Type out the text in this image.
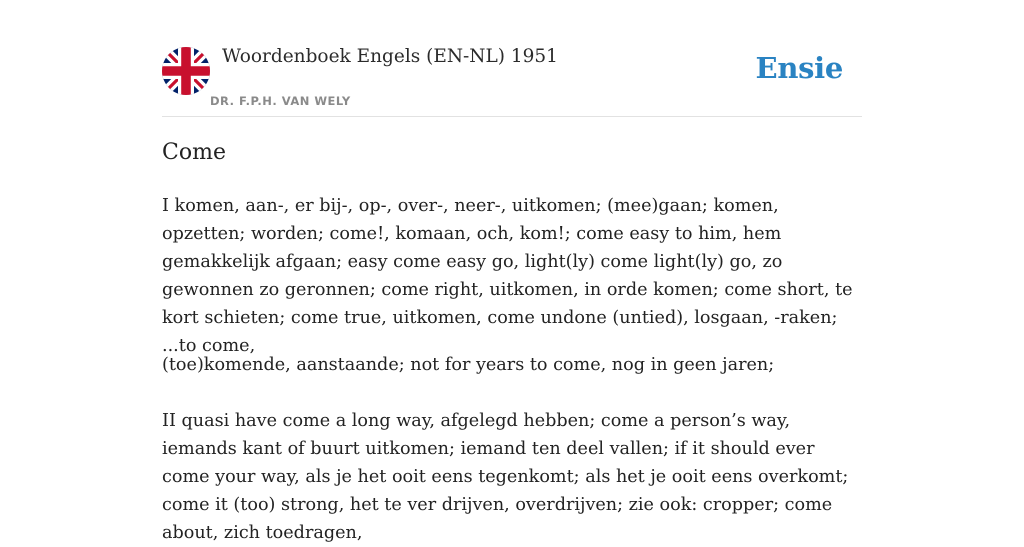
Woordenboek Engels (EN-NL) 1951
DR. F.P.H. VAN WELY
Ensie
Come

I komen, aan-, er bij-, op-, over-, neer-, uitkomen; (mee)gaan; komen, opzetten; worden; come!, komaan, och, kom!; come easy to him, hem gemakkelijk afgaan; easy come easy go, light(ly) come light(ly) go, zo gewonnen zo geronnen; come right, uitkomen, in orde komen; come short, te kort schieten; come true, uitkomen, come undone (untied), losgaan, -raken; ...to come,

(toe)komende, aanstaande; not for years to come, nog in geen jaren;

II quasi have come a long way, afgelegd hebben; come a person’s way, iemands kant of buurt uitkomen; iemand ten deel vallen; if it should ever come your way, als je het ooit eens tegenkomt; als het je ooit eens overkomt; come it (too) strong, het te ver drijven, overdrijven; zie ook: cropper; come about, zich toedragen,
